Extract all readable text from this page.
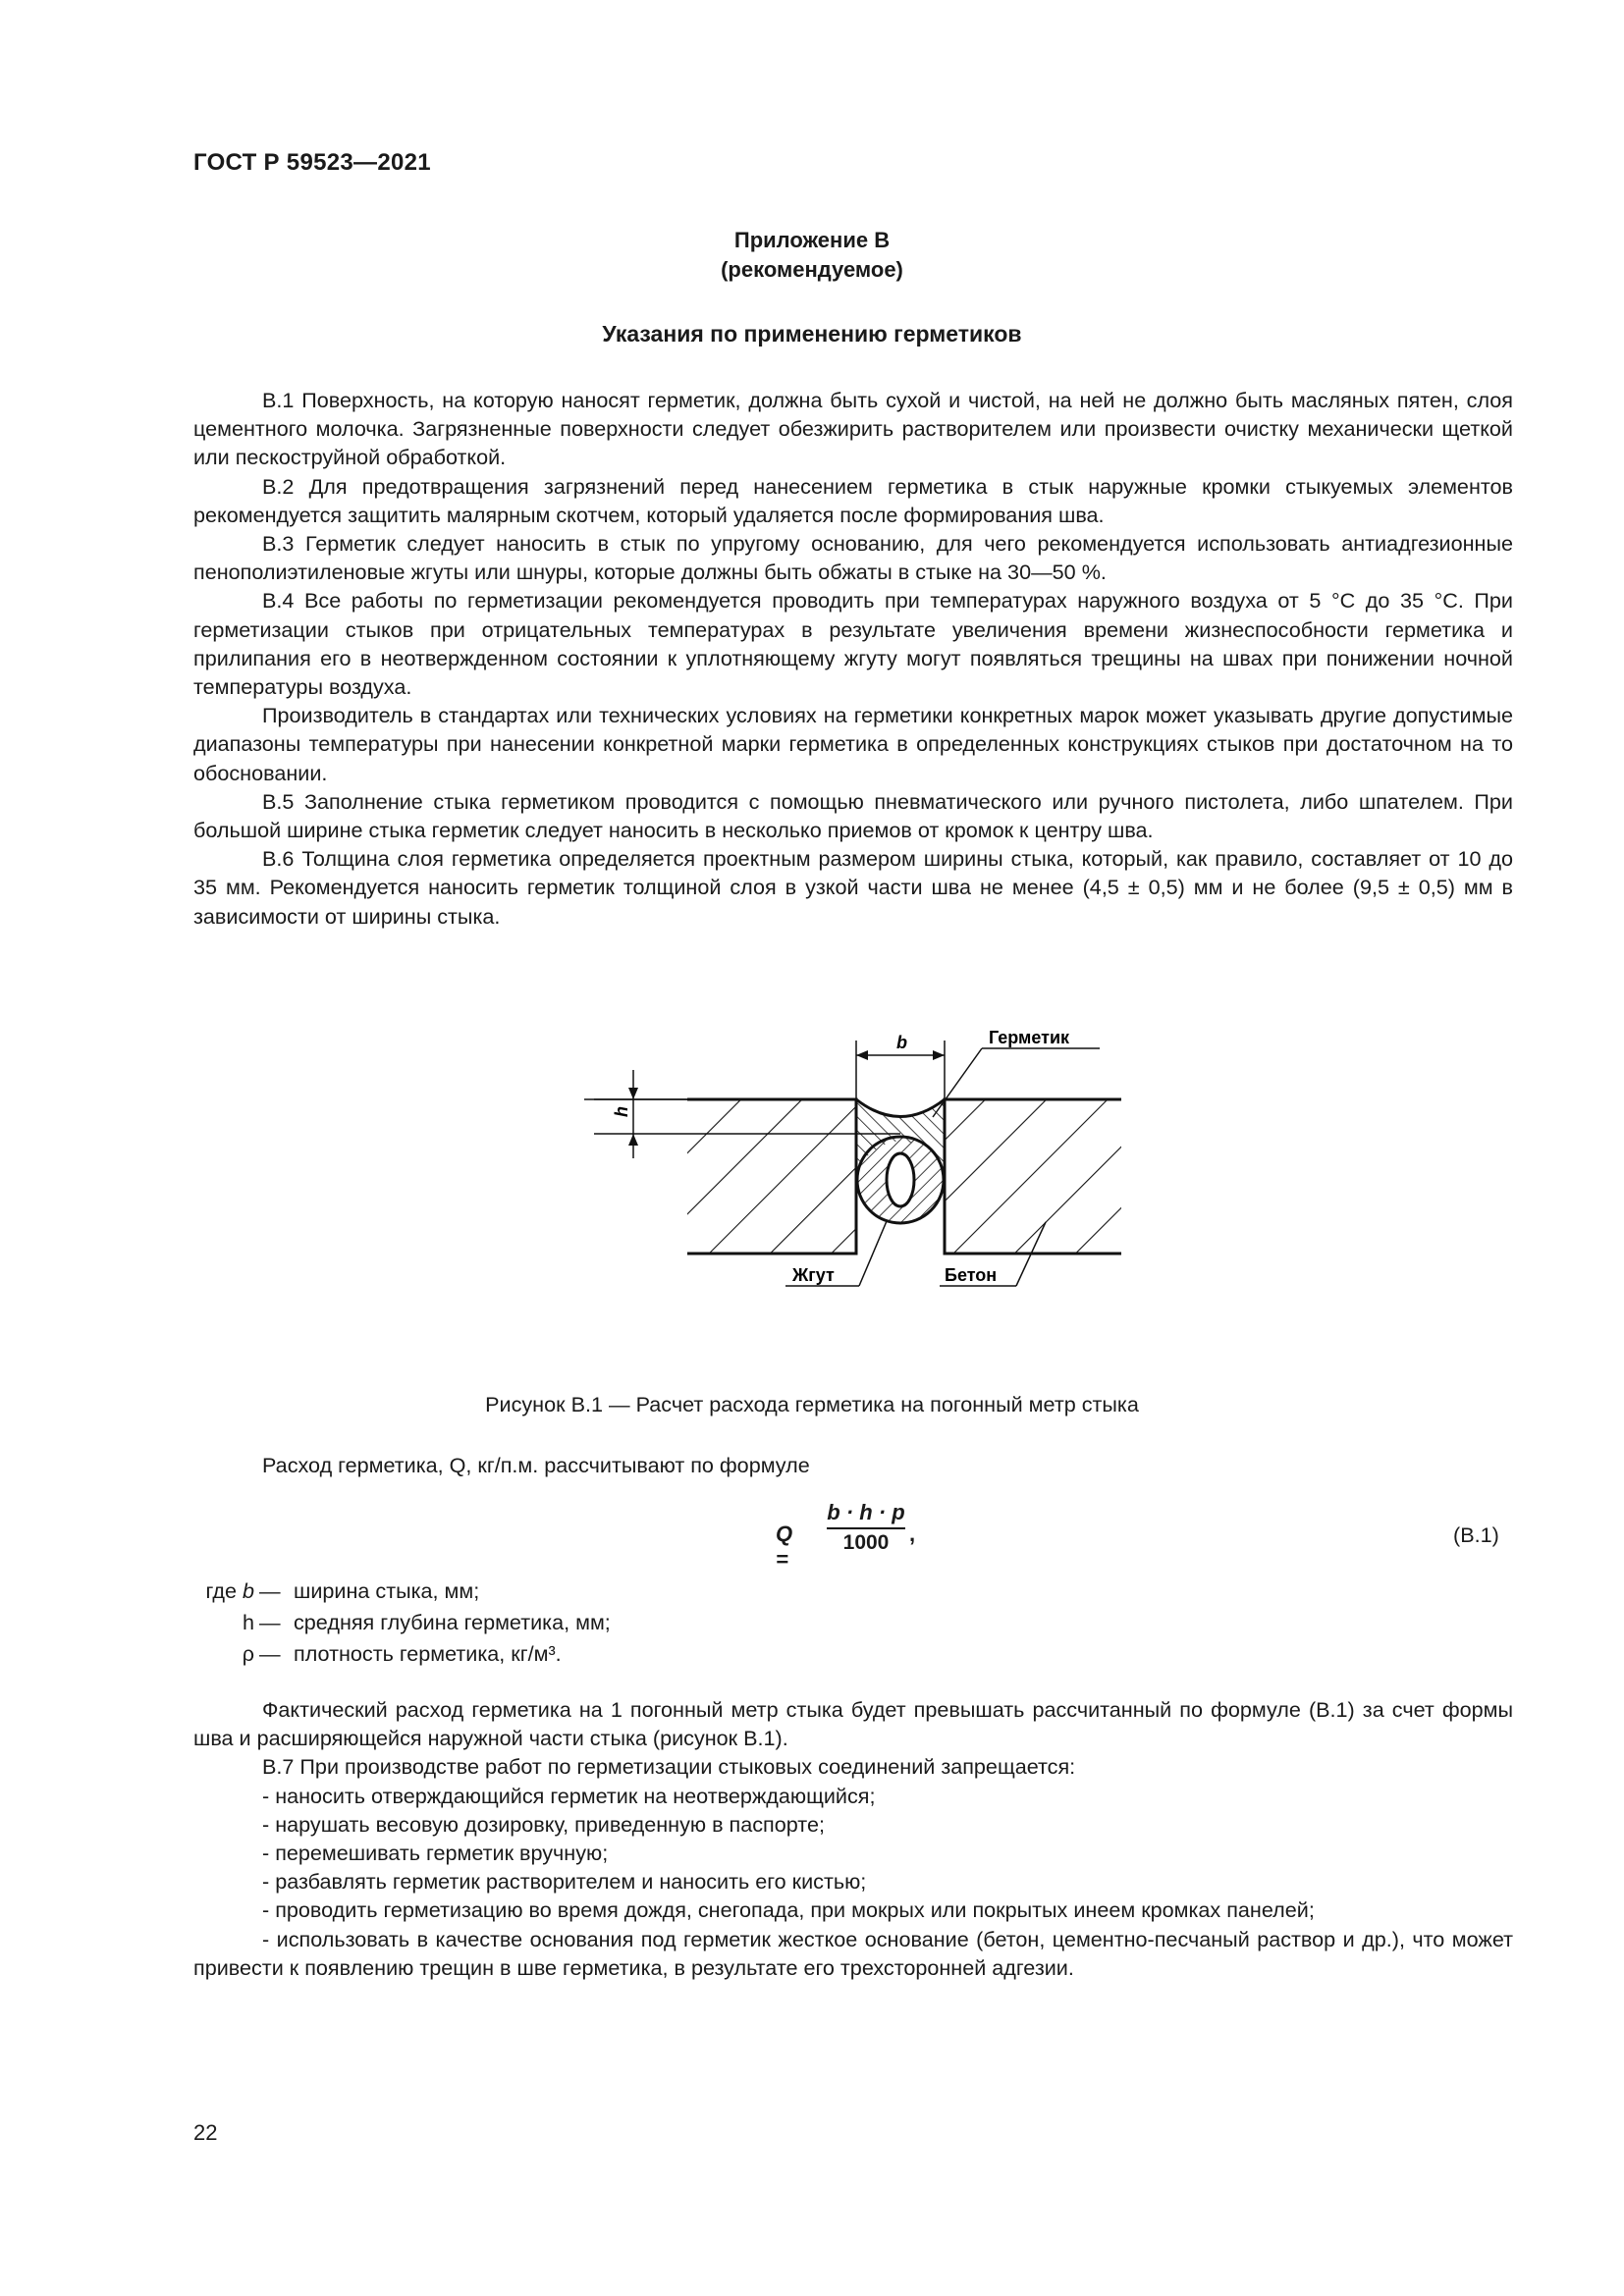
ГОСТ Р 59523—2021
Приложение В
(рекомендуемое)
Указания по применению герметиков

В.1 Поверхность, на которую наносят герметик, должна быть сухой и чистой, на ней не должно быть масляных пятен, слоя цементного молочка. Загрязненные поверхности следует обезжирить растворителем или произвести очистку механически щеткой или пескоструйной обработкой.

В.2 Для предотвращения загрязнений перед нанесением герметика в стык наружные кромки стыкуемых элементов рекомендуется защитить малярным скотчем, который удаляется после формирования шва.

В.3 Герметик следует наносить в стык по упругому основанию, для чего рекомендуется использовать антиадгезионные пенополиэтиленовые жгуты или шнуры, которые должны быть обжаты в стыке на 30—50 %.

В.4 Все работы по герметизации рекомендуется проводить при температурах наружного воздуха от 5 °С до 35 °С. При герметизации стыков при отрицательных температурах в результате увеличения времени жизнеспособности герметика и прилипания его в неотвержденном состоянии к уплотняющему жгуту могут появляться трещины на швах при понижении ночной температуры воздуха.

Производитель в стандартах или технических условиях на герметики конкретных марок может указывать другие допустимые диапазоны температуры при нанесении конкретной марки герметика в определенных конструкциях стыков при достаточном на то обосновании.

В.5 Заполнение стыка герметиком проводится с помощью пневматического или ручного пистолета, либо шпателем. При большой ширине стыка герметик следует наносить в несколько приемов от кромок к центру шва.

В.6 Толщина слоя герметика определяется проектным размером ширины стыка, который, как правило, составляет от 10 до 35 мм. Рекомендуется наносить герметик толщиной слоя в узкой части шва не менее (4,5 ± 0,5) мм и не более (9,5 ± 0,5) мм в зависимости от ширины стыка.

h
b	Герметик
Жгут	Бетон
Рисунок В.1 — Расчет расхода герметика на погонный метр стыка
Расход герметика, Q, кг/п.м. рассчитывают по формуле
Q =
b · h · p
1000 ,	(В.1)
где b — ширина стыка, мм;
h — средняя глубина герметика, мм;
ρ — плотность герметика, кг/м³.

Фактический расход герметика на 1 погонный метр стыка будет превышать рассчитанный по формуле (В.1) за счет формы шва и расширяющейся наружной части стыка (рисунок В.1).

В.7 При производстве работ по герметизации стыковых соединений запрещается:

- наносить отверждающийся герметик на неотверждающийся;

- нарушать весовую дозировку, приведенную в паспорте;

- перемешивать герметик вручную;

- разбавлять герметик растворителем и наносить его кистью;

- проводить герметизацию во время дождя, снегопада, при мокрых или покрытых инеем кромках панелей;

- использовать в качестве основания под герметик жесткое основание (бетон, цементно-песчаный раствор и др.), что может привести к появлению трещин в шве герметика, в результате его трехсторонней адгезии.

22
